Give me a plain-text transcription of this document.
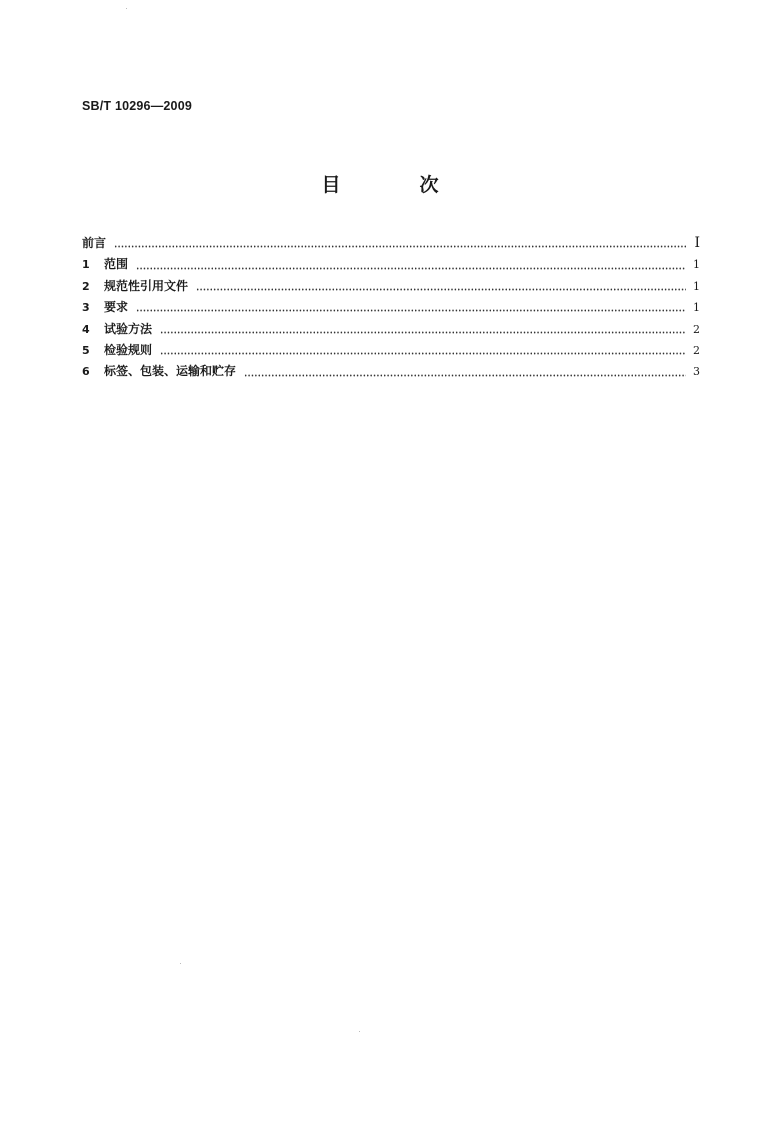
SB/T 10296—2009
目　次
前言	I
1	范围	1
2	规范性引用文件	1
3	要求	1
4	试验方法	2
5	检验规则	2
6	标签、包装、运输和贮存	3
